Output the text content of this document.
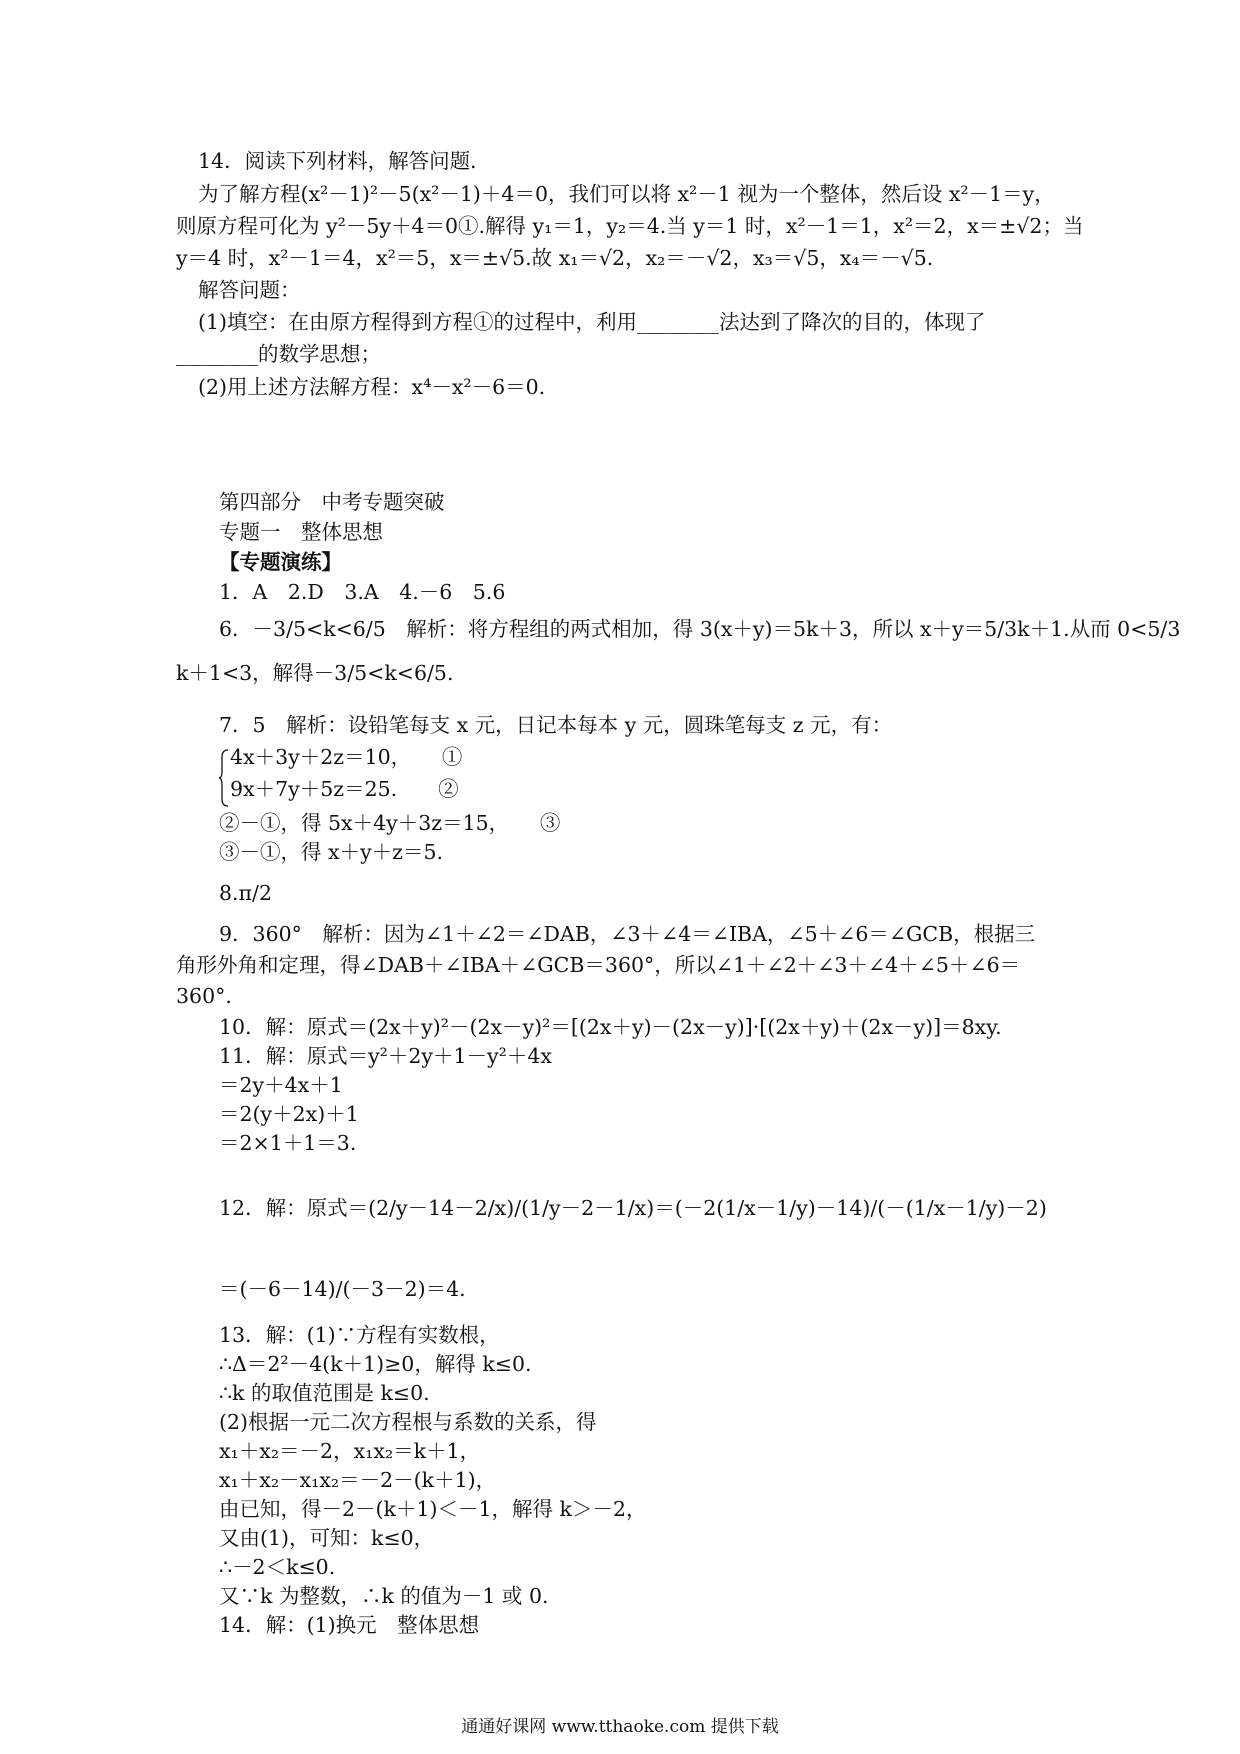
14．阅读下列材料，解答问题．
为了解方程(x²－1)²－5(x²－1)＋4＝0，我们可以将 x²－1 视为一个整体，然后设 x²－1＝y，
则原方程可化为 y²－5y＋4＝0①.解得 y₁＝1，y₂＝4.当 y＝1 时，x²－1＝1，x²＝2，x＝±√2；当
y＝4 时，x²－1＝4，x²＝5，x＝±√5.故 x₁＝√2，x₂＝－√2，x₃＝√5，x₄＝－√5.
解答问题：
(1)填空：在由原方程得到方程①的过程中，利用________法达到了降次的目的，体现了
________的数学思想；
(2)用上述方法解方程：x⁴－x²－6＝0.
第四部分　中考专题突破
专题一　整体思想
【专题演练】
1．A　2.D　3.A　4.－6　5.6
6．－3/5<k<6/5　解析：将方程组的两式相加，得 3(x＋y)＝5k＋3，所以 x＋y＝5/3k＋1.从而 0<5/3
k＋1<3，解得－3/5<k<6/5.
7．5　解析：设铅笔每支 x 元，日记本每本 y 元，圆珠笔每支 z 元，有：
4x＋3y＋2z＝10，　　①
9x＋7y＋5z＝25.　　②
②－①，得 5x＋4y＋3z＝15，　　③
③－①，得 x＋y＋z＝5.
8.π/2
9．360°　解析：因为∠1＋∠2＝∠DAB，∠3＋∠4＝∠IBA，∠5＋∠6＝∠GCB，根据三
角形外角和定理，得∠DAB＋∠IBA＋∠GCB＝360°，所以∠1＋∠2＋∠3＋∠4＋∠5＋∠6＝
360°.
10．解：原式＝(2x＋y)²－(2x－y)²＝[(2x＋y)－(2x－y)]·[(2x＋y)＋(2x－y)]＝8xy.
11．解：原式＝y²＋2y＋1－y²＋4x
＝2y＋4x＋1
＝2(y＋2x)＋1
＝2×1＋1＝3.
12．解：原式＝(2/y－14－2/x)/(1/y－2－1/x)＝(－2(1/x－1/y)－14)/(－(1/x－1/y)－2)
＝(－6－14)/(－3－2)＝4.
13．解：(1)∵方程有实数根，
∴Δ＝2²－4(k＋1)≥0，解得 k≤0.
∴k 的取值范围是 k≤0.
(2)根据一元二次方程根与系数的关系，得
x₁＋x₂＝－2，x₁x₂＝k＋1，
x₁＋x₂－x₁x₂＝－2－(k＋1)，
由已知，得－2－(k＋1)＜－1，解得 k＞－2，
又由(1)，可知：k≤0，
∴－2＜k≤0.
又∵k 为整数，∴k 的值为－1 或 0.
14．解：(1)换元　整体思想
通通好课网 www.tthaoke.com 提供下载
